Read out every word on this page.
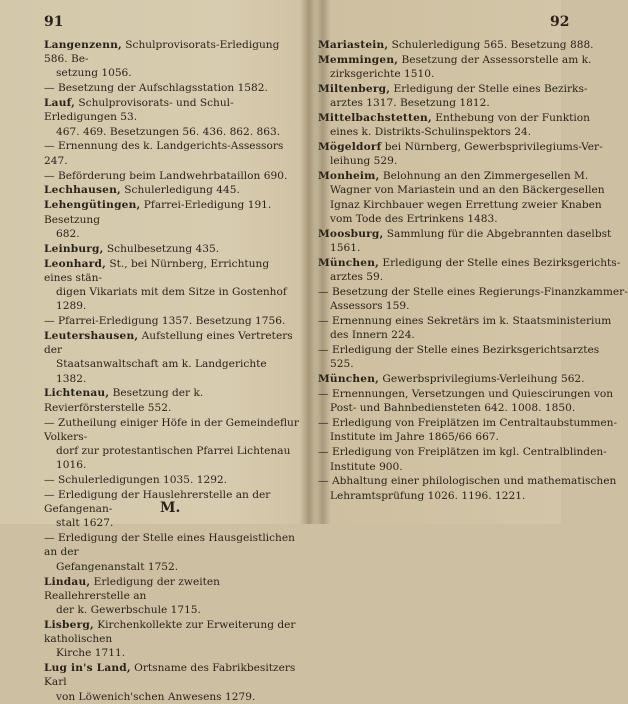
91	92
Langenzenn, Schulprovisorats-Erledigung 586. Be-
setzung 1056.
— Besetzung der Aufschlagsstation 1582.
Lauf, Schulprovisorats- und Schul-Erledigungen 53.
467. 469. Besetzungen 56. 436. 862. 863.
— Ernennung des k. Landgerichts-Assessors 247.
— Beförderung beim Landwehrbataillon 690.
Lechhausen, Schulerledigung 445.
Lehengütingen, Pfarrei-Erledigung 191. Besetzung
682.
Leinburg, Schulbesetzung 435.
Leonhard, St., bei Nürnberg, Errichtung eines stän-
digen Vikariats mit dem Sitze in Gostenhof 1289.
— Pfarrei-Erledigung 1357. Besetzung 1756.
Leutershausen, Aufstellung eines Vertreters der
Staatsanwaltschaft am k. Landgerichte 1382.
Lichtenau, Besetzung der k. Revierförsterstelle 552.
— Zutheilung einiger Höfe in der Gemeindeflur Volkers-
dorf zur protestantischen Pfarrei Lichtenau 1016.
— Schulerledigungen 1035. 1292.
— Erledigung der Hauslehrerstelle an der Gefangenan-
stalt 1627.
— Erledigung der Stelle eines Hausgeistlichen an der
Gefangenanstalt 1752.
Lindau, Erledigung der zweiten Reallehrerstelle an
der k. Gewerbschule 1715.
Lisberg, Kirchenkollekte zur Erweiterung der katholischen
Kirche 1711.
Lug in's Land, Ortsname des Fabrikbesitzers Karl
von Löwenich'schen Anwesens 1279.
Mariastein, Schulerledigung 565. Besetzung 888.
Memmingen, Besetzung der Assessorstelle am k.
zirksgerichte 1510.
Miltenberg, Erledigung der Stelle eines Bezirks-
arztes 1317. Besetzung 1812.
Mittelbachstetten, Enthebung von der Funktion
eines k. Distrikts-Schulinspektors 24.
Mögeldorf bei Nürnberg, Gewerbsprivilegiums-Ver-
leihung 529.
Monheim, Belohnung an den Zimmergesellen M.
Wagner von Mariastein und an den Bäckergesellen
Ignaz Kirchbauer wegen Errettung zweier Knaben
vom Tode des Ertrinkens 1483.
Moosburg, Sammlung für die Abgebrannten daselbst
1561.
München, Erledigung der Stelle eines Bezirksgerichts-
arztes 59.
— Besetzung der Stelle eines Regierungs-Finanzkammer-
Assessors 159.
— Ernennung eines Sekretärs im k. Staatsministerium
des Innern 224.
— Erledigung der Stelle eines Bezirksgerichtsarztes
525.
München, Gewerbsprivilegiums-Verleihung 562.
— Ernennungen, Versetzungen und Quiescirungen von
Post- und Bahnbediensteten 642. 1008. 1850.
— Erledigung von Freiplätzen im Centraltaubstummen-
Institute im Jahre 1865/66 667.
— Erledigung von Freiplätzen im kgl. Centralblinden-
Institute 900.
— Abhaltung einer philologischen und mathematischen
Lehramtsprüfung 1026. 1196. 1221.
M.
